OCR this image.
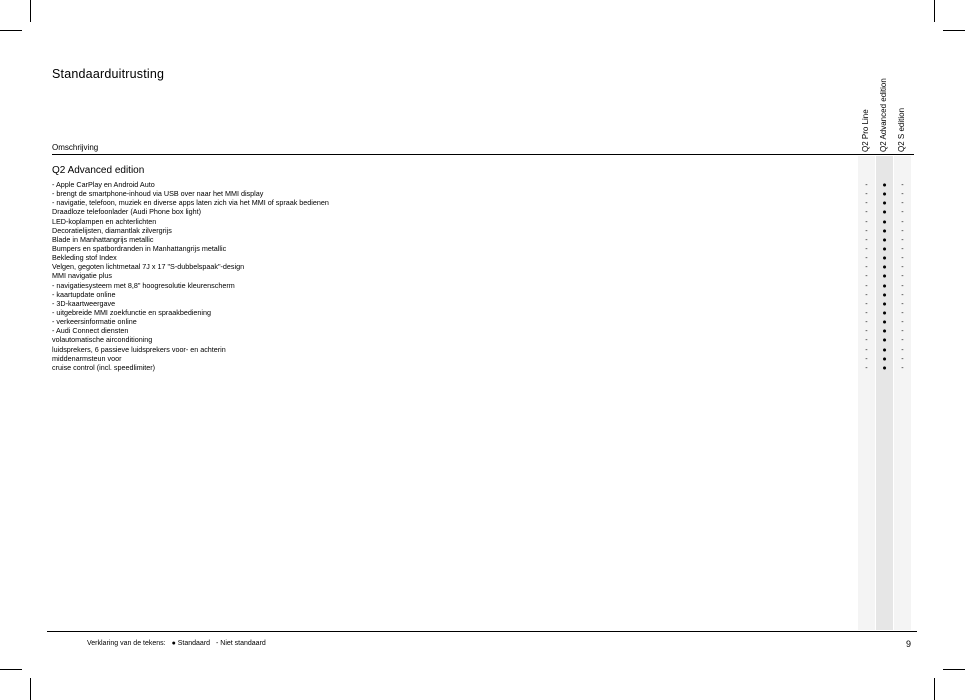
Standaarduitrusting
Omschrijving	Q2 Pro Line Q2 Advanced edition Q2 S edition
Q2 Advanced edition
- Apple CarPlay en Android Auto	-	●	-
- brengt de smartphone-inhoud via USB over naar het MMI display	-	●	-
- navigatie, telefoon, muziek en diverse apps laten zich via het MMI of spraak bedienen	-	●	-
Draadloze telefoonlader (Audi Phone box light)	-	●	-
LED-koplampen en achterlichten	-	●	-
Decoratielijsten, diamantlak zilvergrijs	-	●	-
Blade in Manhattangrijs metallic	-	●	-
Bumpers en spatbordranden in Manhattangrijs metallic	-	●	-
Bekleding stof Index	-	●	-
Velgen, gegoten lichtmetaal 7J x 17 "S-dubbelspaak"-design	-	●	-
MMI navigatie plus	-	●	-
- navigatiesysteem met 8,8" hoogresolutie kleurenscherm	-	●	-
- kaartupdate online	-	●	-
- 3D-kaartweergave	-	●	-
- uitgebreide MMI zoekfunctie en spraakbediening	-	●	-
- verkeersinformatie online	-	●	-
- Audi Connect diensten	-	●	-
volautomatische airconditioning	-	●	-
luidsprekers, 6 passieve luidsprekers voor- en achterin	-	●	-
middenarmsteun voor	-	●	-
cruise control (incl. speedlimiter)	-	●	-
Verklaring van de tekens: ● Standaard - Niet standaard	9
